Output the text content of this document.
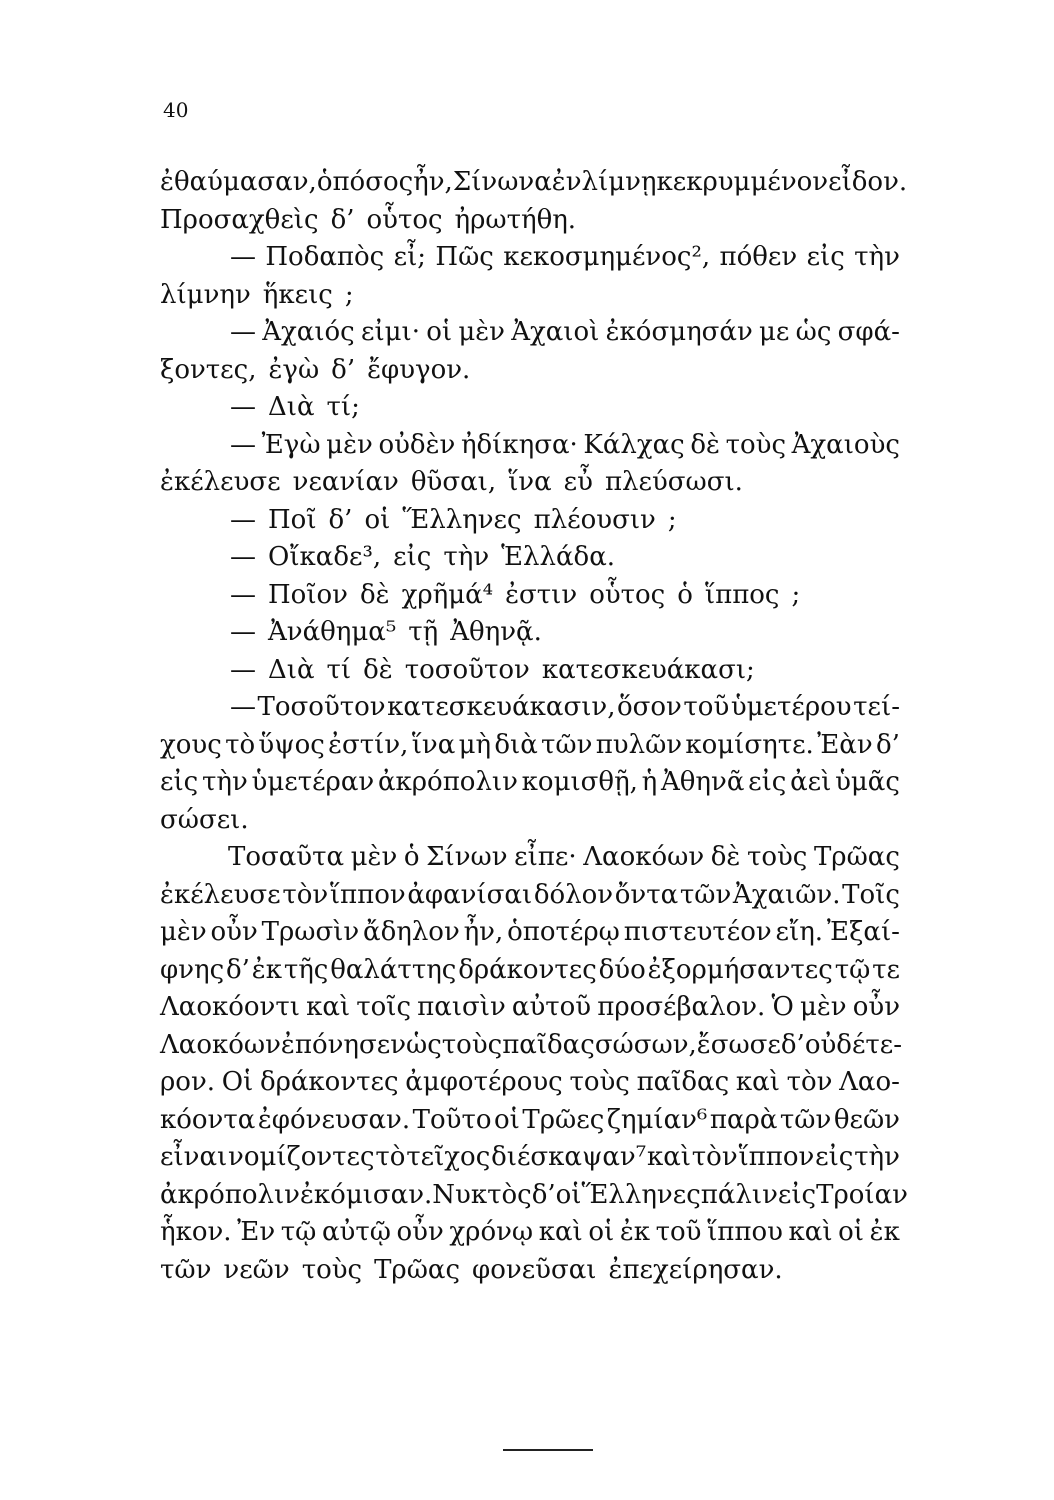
40
ἐθαύμασαν, ὁπόσος ἦν, Σίνωνα ἐν λίμνῃ κεκρυμμένον εἶδον.
Προσαχθεὶς δ’ οὗτος ἠρωτήθη.
— Ποδαπὸς εἶ; Πῶς κεκοσμημένος², πόθεν εἰς τὴν
λίμνην ἥκεις ;
— Ἀχαιός εἰμι· οἱ μὲν Ἀχαιοὶ ἐκόσμησάν με ὡς σφά-
ξοντες, ἐγὼ δ’ ἔφυγον.
— Διὰ τί;
— Ἐγὼ μὲν οὐδὲν ἠδίκησα· Κάλχας δὲ τοὺς Ἀχαιοὺς
ἐκέλευσε νεανίαν θῦσαι, ἵνα εὖ πλεύσωσι.
— Ποῖ δ’ οἱ Ἕλληνες πλέουσιν ;
— Οἴκαδε³, εἰς τὴν Ἑλλάδα.
— Ποῖον δὲ χρῆμά⁴ ἐστιν οὗτος ὁ ἵππος ;
— Ἀνάθημα⁵ τῇ Ἀθηνᾷ.
— Διὰ τί δὲ τοσοῦτον κατεσκευάκασι;
— Τοσοῦτον κατεσκευάκασιν, ὅσον τοῦ ὑμετέρου τεί-
χους τὸ ὕψος ἐστίν, ἵνα μὴ διὰ τῶν πυλῶν κομίσητε. Ἐὰν δ’
εἰς τὴν ὑμετέραν ἀκρόπολιν κομισθῇ, ἡ Ἀθηνᾶ εἰς ἀεὶ ὑμᾶς
σώσει.
Τοσαῦτα μὲν ὁ Σίνων εἶπε· Λαοκόων δὲ τοὺς Τρῶας
ἐκέλευσε τὸν ἵππον ἀφανίσαι δόλον ὄντα τῶν Ἀχαιῶν. Τοῖς
μὲν οὖν Τρωσὶν ἄδηλον ἦν, ὁποτέρῳ πιστευτέον εἴη. Ἐξαί-
φνης δ’ ἐκ τῆς θαλάττης δράκοντες δύο ἐξορμήσαντες τῷ τε
Λαοκόοντι καὶ τοῖς παισὶν αὐτοῦ προσέβαλον. Ὁ μὲν οὖν
Λαοκόων ἐπόνησεν ὡς τοὺς παῖδας σώσων, ἔσωσε δ’ οὐδέτε-
ρον. Οἱ δράκοντες ἀμφοτέρους τοὺς παῖδας καὶ τὸν Λαο-
κόοντα ἐφόνευσαν. Τοῦτο οἱ Τρῶες ζημίαν⁶ παρὰ τῶν θεῶν
εἶναι νομίζοντες τὸ τεῖχος διέσκαψαν⁷ καὶ τὸν ἵππον εἰς τὴν
ἀκρόπολιν ἐκόμισαν. Νυκτὸς δ’ οἱ Ἕλληνες πάλιν εἰς Τροίαν
ἧκον. Ἐν τῷ αὐτῷ οὖν χρόνῳ καὶ οἱ ἐκ τοῦ ἵππου καὶ οἱ ἐκ
τῶν νεῶν τοὺς Τρῶας φονεῦσαι ἐπεχείρησαν.
